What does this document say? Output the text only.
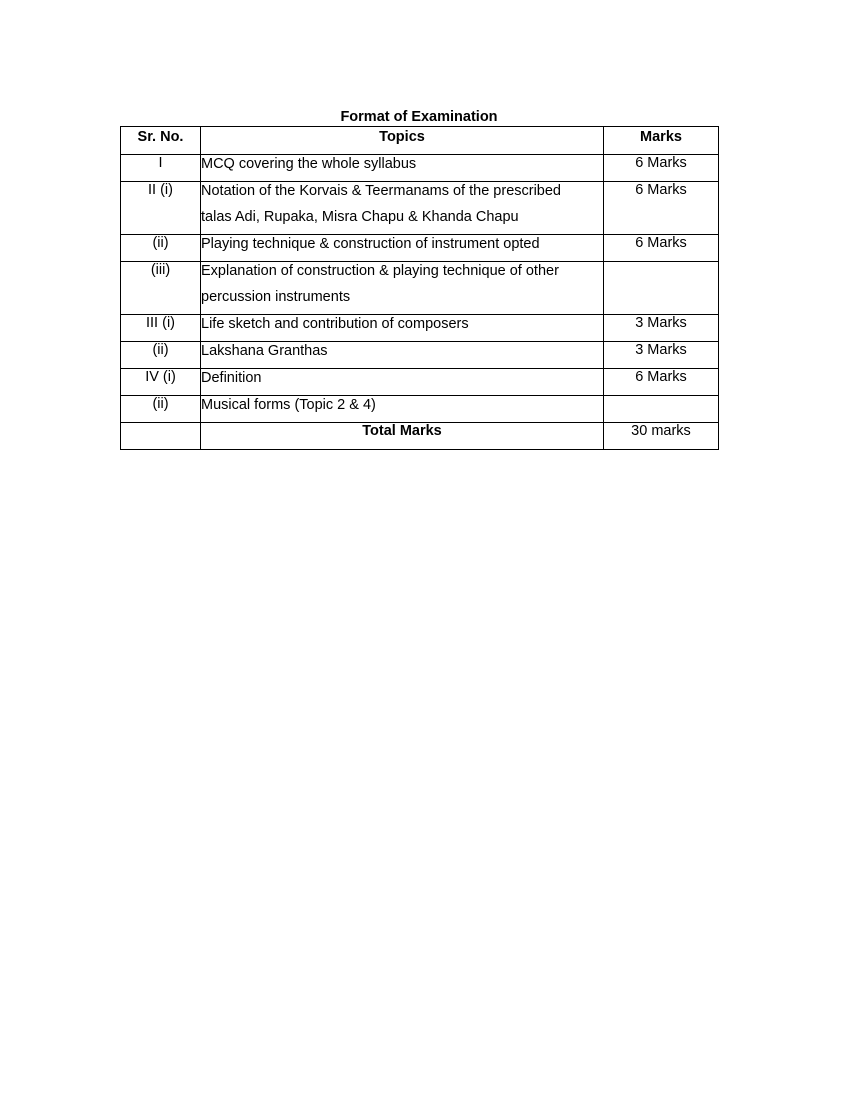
Format of Examination
Sr. No.	Topics	Marks
I	MCQ covering the whole syllabus	6 Marks
II (i)	Notation of the Korvais & Teermanams of the prescribed
talas Adi, Rupaka, Misra Chapu & Khanda Chapu	6 Marks
(ii)	Playing technique & construction of instrument opted	6 Marks
(iii)	Explanation of construction & playing technique of other
percussion instruments	

III (i)	Life sketch and contribution of composers	3 Marks
(ii)	Lakshana Granthas	3 Marks
IV (i)	Definition	6 Marks
(ii)	Musical forms (Topic 2 & 4)	

	Total Marks	30 marks
